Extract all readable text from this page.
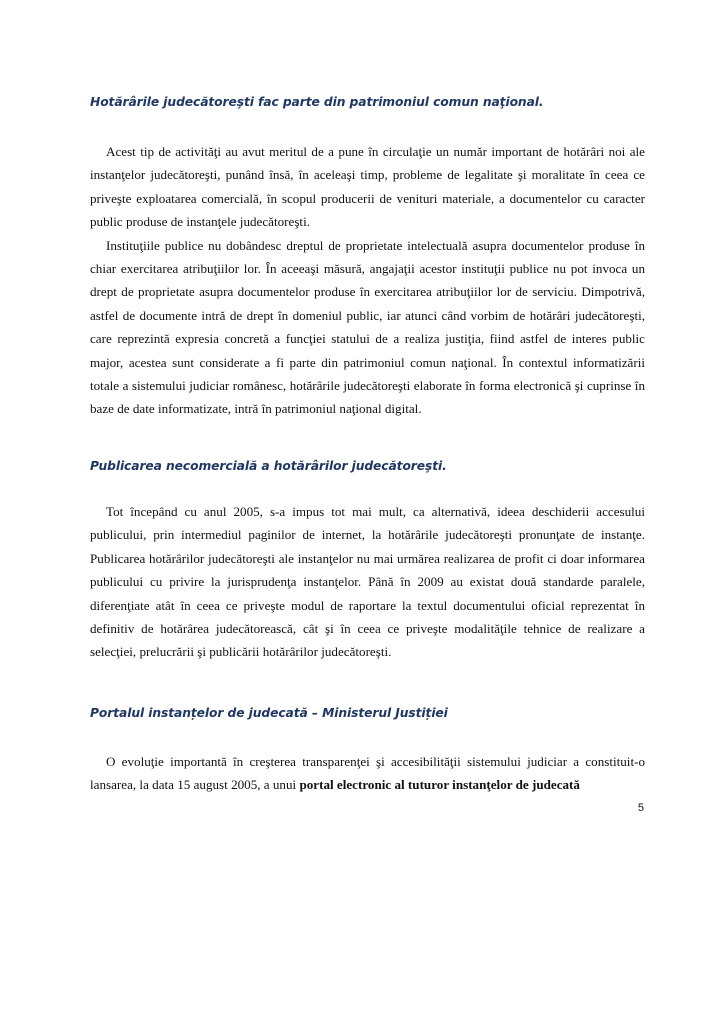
Hotărârile judecătoreşti fac parte din patrimoniul comun naţional.

Acest tip de activităţi au avut meritul de a pune în circulaţie un număr important de hotărâri noi ale instanţelor judecătoreşti, punând însă, în aceleaşi timp, probleme de legalitate şi moralitate în ceea ce priveşte exploatarea comercială, în scopul producerii de venituri materiale, a documentelor cu caracter public produse de instanţele judecătoreşti.

Instituţiile publice nu dobândesc dreptul de proprietate intelectuală asupra documentelor produse în chiar exercitarea atribuţiilor lor. În aceeaşi măsură, angajaţii acestor instituţii publice nu pot invoca un drept de proprietate asupra documentelor produse în exercitarea atribuţiilor lor de serviciu. Dimpotrivă, astfel de documente intră de drept în domeniul public, iar atunci când vorbim de hotărâri judecătoreşti, care reprezintă expresia concretă a funcţiei statului de a realiza justiţia, fiind astfel de interes public major, acestea sunt considerate a fi parte din patrimoniul comun naţional. În contextul informatizării totale a sistemului judiciar românesc, hotărârile judecătoreşti elaborate în forma electronică şi cuprinse în baze de date informatizate, intră în patrimoniul naţional digital.

Publicarea necomercială a hotărârilor judecătoreşti.

Tot începând cu anul 2005, s-a impus tot mai mult, ca alternativă, ideea deschiderii accesului publicului, prin intermediul paginilor de internet, la hotărârile judecătoreşti pronunţate de instanţe. Publicarea hotărârilor judecătoreşti ale instanţelor nu mai urmărea realizarea de profit ci doar informarea publicului cu privire la jurisprudenţa instanţelor. Până în 2009 au existat două standarde paralele, diferenţiate atât în ceea ce priveşte modul de raportare la textul documentului oficial reprezentat în definitiv de hotărârea judecătorească, cât şi în ceea ce priveşte modalităţile tehnice de realizare a selecţiei, prelucrării şi publicării hotărârilor judecătoreşti.

Portalul instanțelor de judecată – Ministerul Justiției

O evoluţie importantă în creşterea transparenţei şi accesibilităţii sistemului judiciar a constituit-o lansarea, la data 15 august 2005, a unui portal electronic al tuturor instanţelor de judecată

5
